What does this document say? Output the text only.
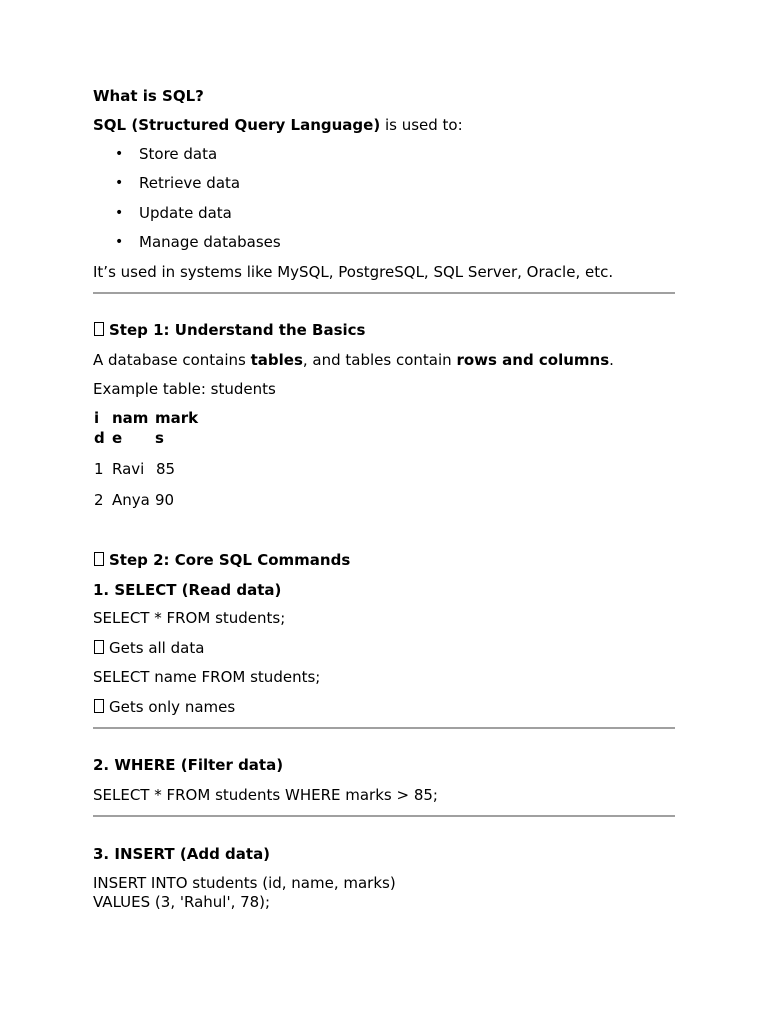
What is SQL?
SQL (Structured Query Language) is used to:
• Store data
• Retrieve data
• Update data
• Manage databases
It’s used in systems like MySQL, PostgreSQL, SQL Server, Oracle, etc.
Step 1: Understand the Basics
A database contains tables, and tables contain rows and columns.
Example table: students
i
d
nam
e
mark
s
1 Ravi 85
2 Anya 90
Step 2: Core SQL Commands
1. SELECT (Read data)
SELECT * FROM students;
Gets all data
SELECT name FROM students;
Gets only names
2. WHERE (Filter data)
SELECT * FROM students WHERE marks > 85;
3. INSERT (Add data)
INSERT INTO students (id, name, marks)
VALUES (3, 'Rahul', 78);
